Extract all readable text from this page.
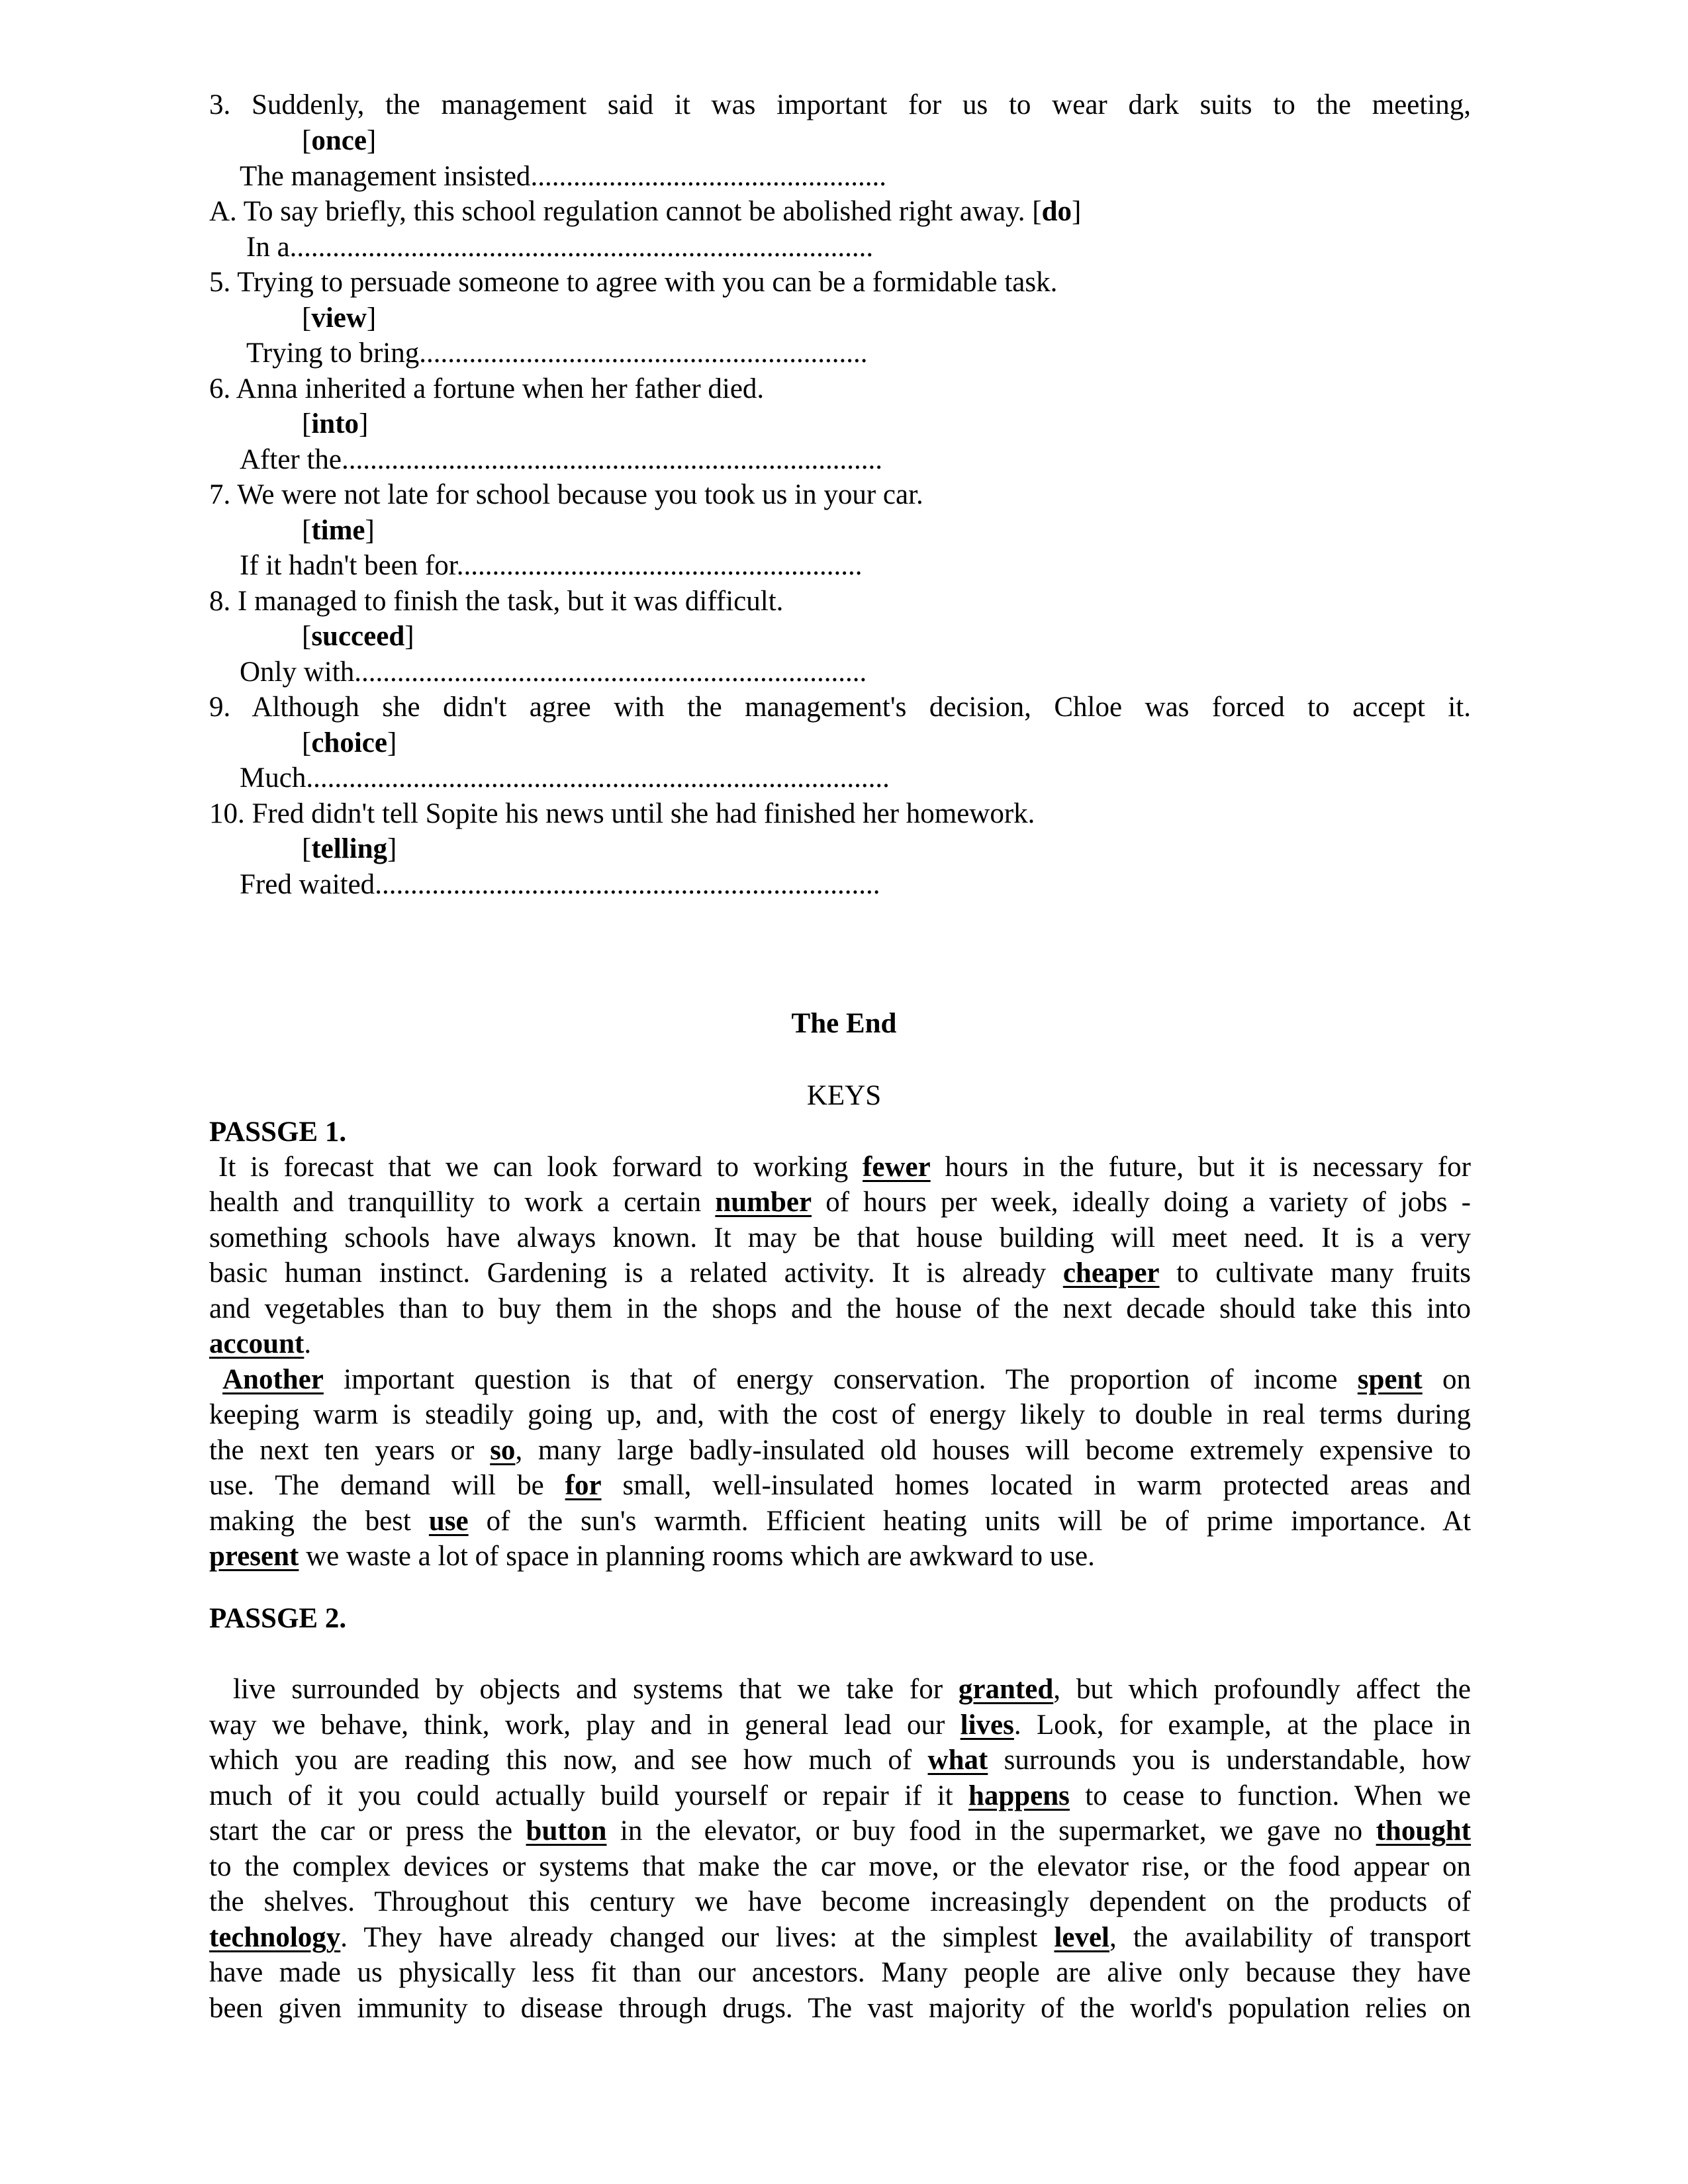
3. Suddenly, the management said it was important for us to wear dark suits to the meeting,
[once]
The management insisted..................................................
A. To say briefly, this school regulation cannot be abolished right away. [do]
In a..................................................................................
5. Trying to persuade someone to agree with you can be a formidable task.
[view]
Trying to bring...............................................................
6. Anna inherited a fortune when her father died.
[into]
After the............................................................................
7. We were not late for school because you took us in your car.
[time]
If it hadn't been for.........................................................
8. I managed to finish the task, but it was difficult.
[succeed]
Only with........................................................................
9. Although she didn't agree with the management's decision, Chloe was forced to accept it.
[choice]
Much..................................................................................
10. Fred didn't tell Sopite his news until she had finished her homework.
[telling]
Fred waited.......................................................................
The End
KEYS
PASSGE 1.
It is forecast that we can look forward to working fewer hours in the future, but it is necessary for
health and tranquillity to work a certain number of hours per week, ideally doing a variety of jobs -
something schools have always known. It may be that house building will meet need. It is a very
basic human instinct. Gardening is a related activity. It is already cheaper to cultivate many fruits
and vegetables than to buy them in the shops and the house of the next decade should take this into
account.
Another important question is that of energy conservation. The proportion of income spent on
keeping warm is steadily going up, and, with the cost of energy likely to double in real terms during
the next ten years or so, many large badly-insulated old houses will become extremely expensive to
use. The demand will be for small, well-insulated homes located in warm protected areas and
making the best use of the sun's warmth. Efficient heating units will be of prime importance. At
present we waste a lot of space in planning rooms which are awkward to use.
PASSGE 2.
live surrounded by objects and systems that we take for granted, but which profoundly affect the
way we behave, think, work, play and in general lead our lives. Look, for example, at the place in
which you are reading this now, and see how much of what surrounds you is understandable, how
much of it you could actually build yourself or repair if it happens to cease to function. When we
start the car or press the button in the elevator, or buy food in the supermarket, we gave no thought
to the complex devices or systems that make the car move, or the elevator rise, or the food appear on
the shelves. Throughout this century we have become increasingly dependent on the products of
technology. They have already changed our lives: at the simplest level, the availability of transport
have made us physically less fit than our ancestors. Many people are alive only because they have
been given immunity to disease through drugs. The vast majority of the world's population relies on
